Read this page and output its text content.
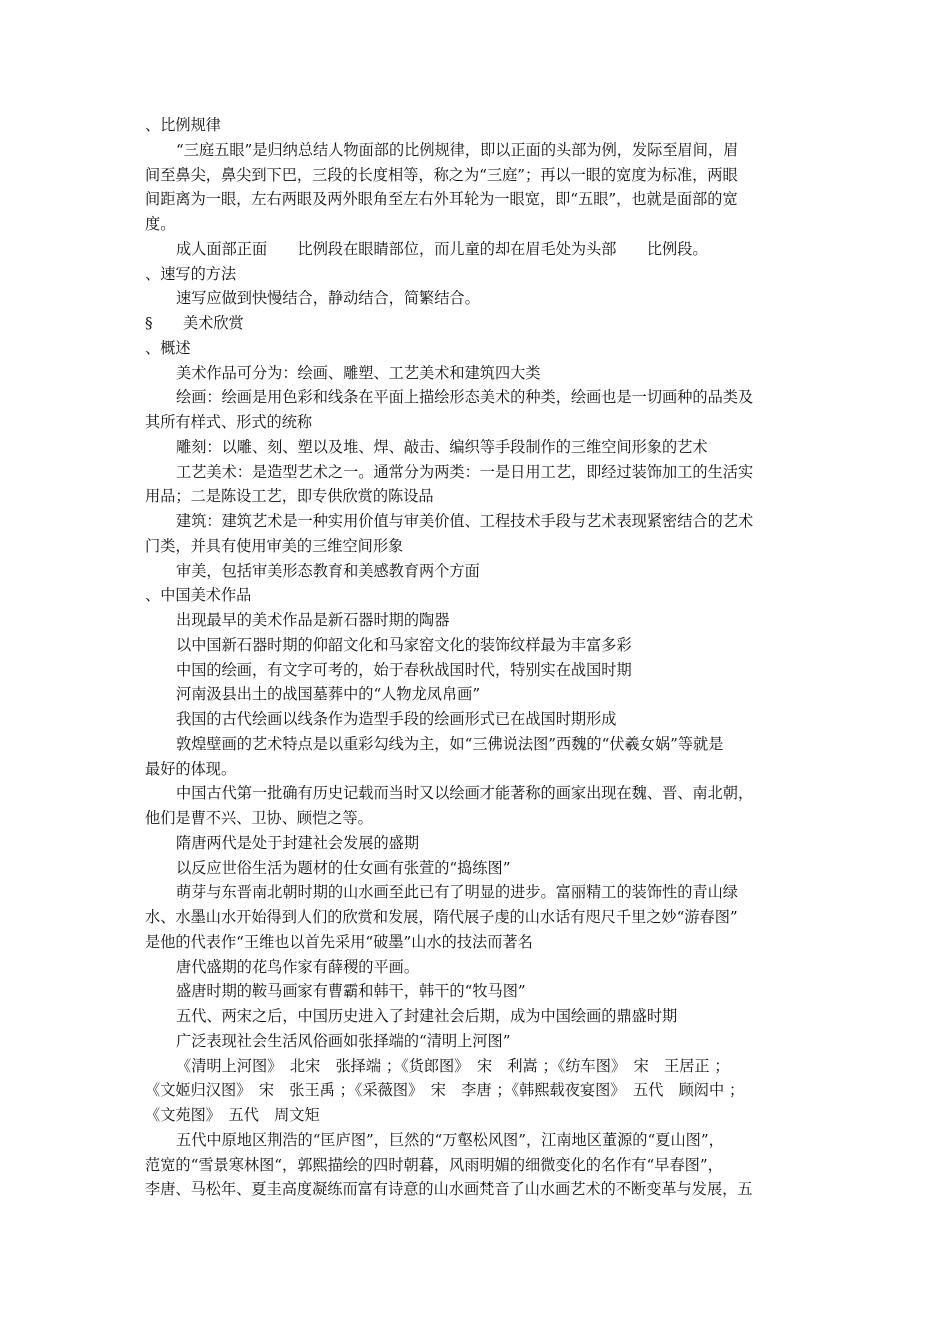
、比例规律
“三庭五眼”是归纳总结人物面部的比例规律，即以正面的头部为例，发际至眉间，眉
间至鼻尖，鼻尖到下巴，三段的长度相等，称之为“三庭”；再以一眼的宽度为标准，两眼
间距离为一眼，左右两眼及两外眼角至左右外耳轮为一眼宽，即“五眼”，也就是面部的宽
度。
成人面部正面　　比例段在眼睛部位，而儿童的却在眉毛处为头部　　比例段。
、速写的方法
速写应做到快慢结合，静动结合，简繁结合。
§　　美术欣赏
、概述
美术作品可分为：绘画、雕塑、工艺美术和建筑四大类
绘画：绘画是用色彩和线条在平面上描绘形态美术的种类，绘画也是一切画种的品类及
其所有样式、形式的统称
雕刻：以雕、刻、塑以及堆、焊、敲击、编织等手段制作的三维空间形象的艺术
工艺美术：是造型艺术之一。通常分为两类：一是日用工艺，即经过装饰加工的生活实
用品；二是陈设工艺，即专供欣赏的陈设品
建筑：建筑艺术是一种实用价值与审美价值、工程技术手段与艺术表现紧密结合的艺术
门类，并具有使用审美的三维空间形象
审美，包括审美形态教育和美感教育两个方面
、中国美术作品
出现最早的美术作品是新石器时期的陶器
以中国新石器时期的仰韶文化和马家窑文化的装饰纹样最为丰富多彩
中国的绘画，有文字可考的，始于春秋战国时代，特别实在战国时期
河南汲县出土的战国墓葬中的“人物龙凤帛画”
我国的古代绘画以线条作为造型手段的绘画形式已在战国时期形成
敦煌壁画的艺术特点是以重彩勾线为主，如“三佛说法图”西魏的“伏羲女娲”等就是
最好的体现。
中国古代第一批确有历史记载而当时又以绘画才能著称的画家出现在魏、晋、南北朝，
他们是曹不兴、卫协、顾恺之等。
隋唐两代是处于封建社会发展的盛期
以反应世俗生活为题材的仕女画有张萱的“捣练图”
萌芽与东晋南北朝时期的山水画至此已有了明显的进步。富丽精工的装饰性的青山绿
水、水墨山水开始得到人们的欣赏和发展，隋代展子虔的山水话有咫尺千里之妙“游春图”
是他的代表作“王维也以首先采用“破墨”山水的技法而著名
唐代盛期的花鸟作家有薛稷的平画。
盛唐时期的鞍马画家有曹霸和韩干，韩干的“牧马图”
五代、两宋之后，中国历史进入了封建社会后期，成为中国绘画的鼎盛时期
广泛表现社会生活风俗画如张择端的“清明上河图”
《清明上河图》　北宋　张择端 ；《货郎图》　宋　利嵩 ；《纺车图》　宋　王居正 ；
《文姬归汉图》　宋　张王禹 ；《采薇图》　宋　李唐 ；《韩熙载夜宴图》　五代　顾闳中 ；
《文苑图》　五代　周文矩
五代中原地区荆浩的“匡庐图”，巨然的“万壑松风图”，江南地区董源的“夏山图”，
范宽的“雪景寒林图“，郭熙描绘的四时朝暮，风雨明媚的细微变化的名作有“早春图”，
李唐、马松年、夏圭高度凝练而富有诗意的山水画梵音了山水画艺术的不断变革与发展，五
